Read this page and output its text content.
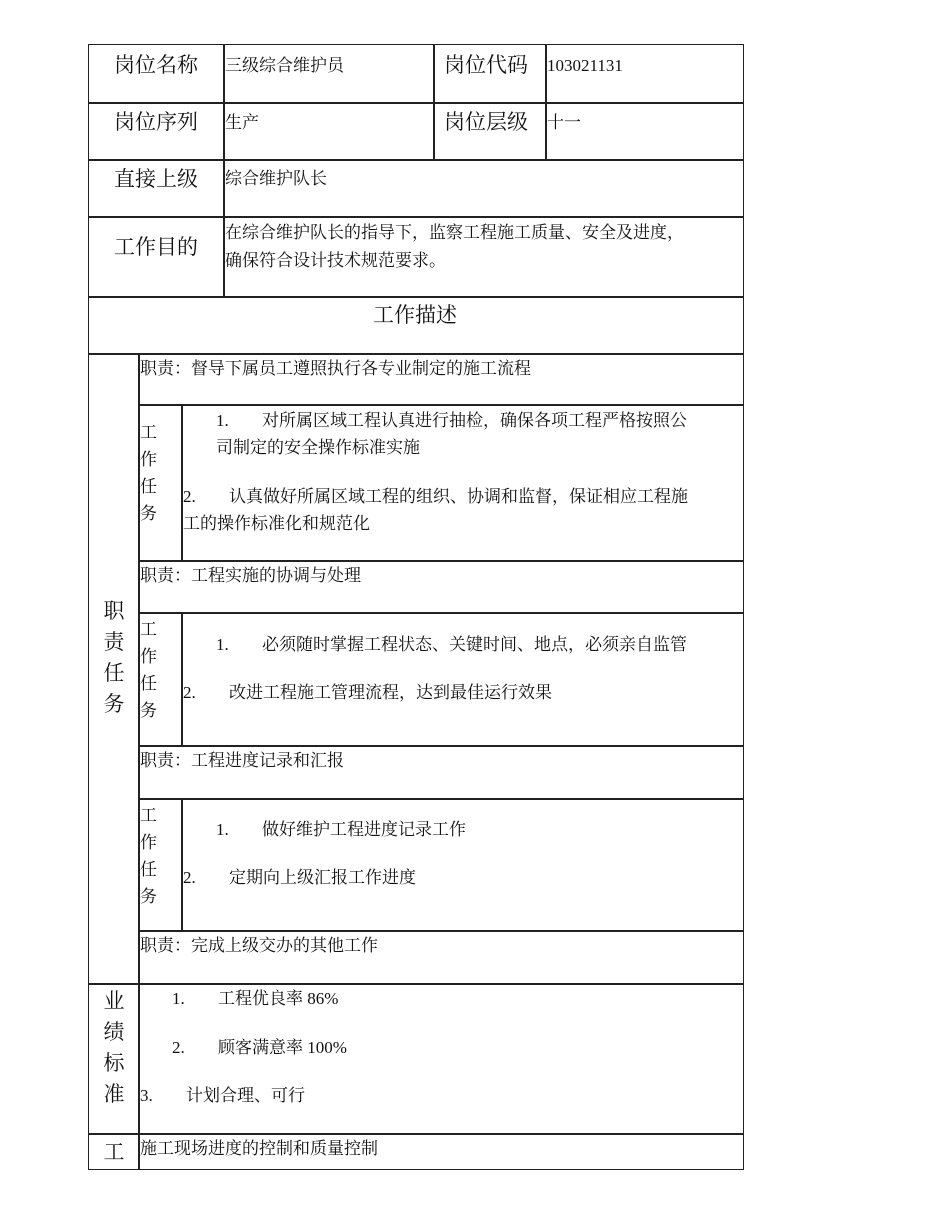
岗位名称 三级综合维护员	岗位代码 103021131
岗位序列 生产	岗位层级 十一
直接上级 综合维护队长
工作目的
在综合维护队长的指导下，监察工程施工质量、安全及进度，
确保符合设计技术规范要求。
工作描述
职责任务
职责：督导下属员工遵照执行各专业制定的施工流程
工作任务
1. 对所属区域工程认真进行抽检，确保各项工程严格按照公
司制定的安全操作标准实施
2. 认真做好所属区域工程的组织、协调和监督，保证相应工程施
工的操作标准化和规范化
职责：工程实施的协调与处理
工作任务
1. 必须随时掌握工程状态、关键时间、地点，必须亲自监管
2. 改进工程施工管理流程，达到最佳运行效果
职责：工程进度记录和汇报
工作任务
1. 做好维护工程进度记录工作
2. 定期向上级汇报工作进度
职责：完成上级交办的其他工作
业绩标准
1. 工程优良率 86%
2. 顾客满意率 100%
3. 计划合理、可行
工 施工现场进度的控制和质量控制
